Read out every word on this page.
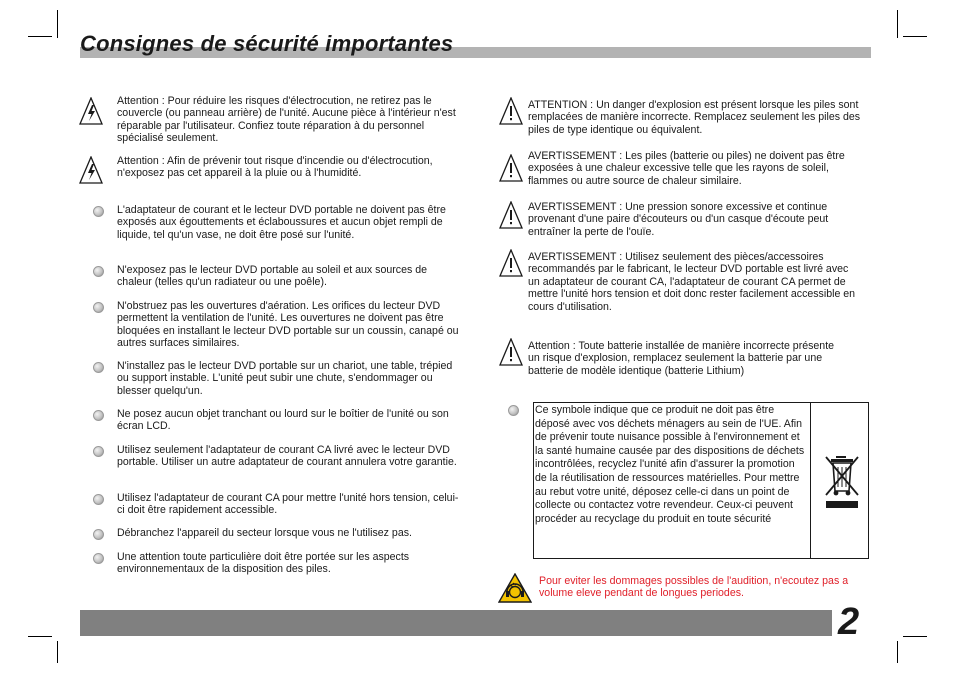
Consignes de sécurité importantes
Attention : Pour réduire les risques d'électrocution, ne retirez pas le couvercle (ou panneau arrière) de l'unité. Aucune pièce à l'intérieur n'est réparable par l'utilisateur. Confiez toute réparation à du personnel spécialisé seulement.
Attention : Afin de prévenir tout risque d'incendie ou d'électrocution, n'exposez pas cet appareil à la pluie ou à l'humidité.
L'adaptateur de courant et le lecteur DVD portable ne doivent pas être exposés aux égouttements et éclaboussures et aucun objet rempli de liquide, tel qu'un vase, ne doit être posé sur l'unité.
N'exposez pas le lecteur DVD portable au soleil et aux sources de chaleur (telles qu'un radiateur ou une poêle).
N'obstruez pas les ouvertures d'aération. Les orifices du lecteur DVD permettent la ventilation de l'unité. Les ouvertures ne doivent pas être bloquées en installant le lecteur DVD portable sur un coussin, canapé ou autres surfaces similaires.
N'installez pas le lecteur DVD portable sur un chariot, une table, trépied ou support instable. L'unité peut subir une chute, s'endommager ou blesser quelqu'un.
Ne posez aucun objet tranchant ou lourd sur le boîtier de l'unité ou son écran LCD.
Utilisez seulement l'adaptateur de courant CA livré avec le lecteur DVD portable. Utiliser un autre adaptateur de courant annulera votre garantie.
Utilisez l'adaptateur de courant CA pour mettre l'unité hors tension, celui-ci doit être rapidement accessible.
Débranchez l'appareil du secteur lorsque vous ne l'utilisez pas.
Une attention toute particulière doit être portée sur les aspects environnementaux de la disposition des piles.
ATTENTION : Un danger d'explosion est présent lorsque les piles sont remplacées de manière incorrecte. Remplacez seulement les piles des piles de type identique ou équivalent.
AVERTISSEMENT : Les piles (batterie ou piles) ne doivent pas être exposées à une chaleur excessive telle que les rayons de soleil, flammes ou autre source de chaleur similaire.
AVERTISSEMENT : Une pression sonore excessive et continue provenant d'une paire d'écouteurs ou d'un casque d'écoute peut entraîner la perte de l'ouïe.
AVERTISSEMENT : Utilisez seulement des pièces/accessoires recommandés par le fabricant, le lecteur DVD portable est livré avec un adaptateur de courant CA, l'adaptateur de courant CA permet de mettre l'unité hors tension et doit donc rester facilement accessible en cours d'utilisation.
Attention : Toute batterie installée de manière incorrecte présente un risque d'explosion, remplacez seulement la batterie par une batterie de modèle identique (batterie Lithium)
Ce symbole indique que ce produit ne doit pas être déposé avec vos déchets ménagers au sein de l'UE. Afin de prévenir toute nuisance possible à l'environnement et la santé humaine causée par des dispositions de déchets incontrôlées, recyclez l'unité afin d'assurer la promotion de la réutilisation de ressources matérielles. Pour mettre au rebut votre unité, déposez celle-ci dans un point de collecte ou contactez votre revendeur. Ceux-ci peuvent procéder au recyclage du produit en toute sécurité
Pour eviter les dommages possibles de l'audition, n'ecoutez pas a volume eleve pendant de longues periodes.
2
